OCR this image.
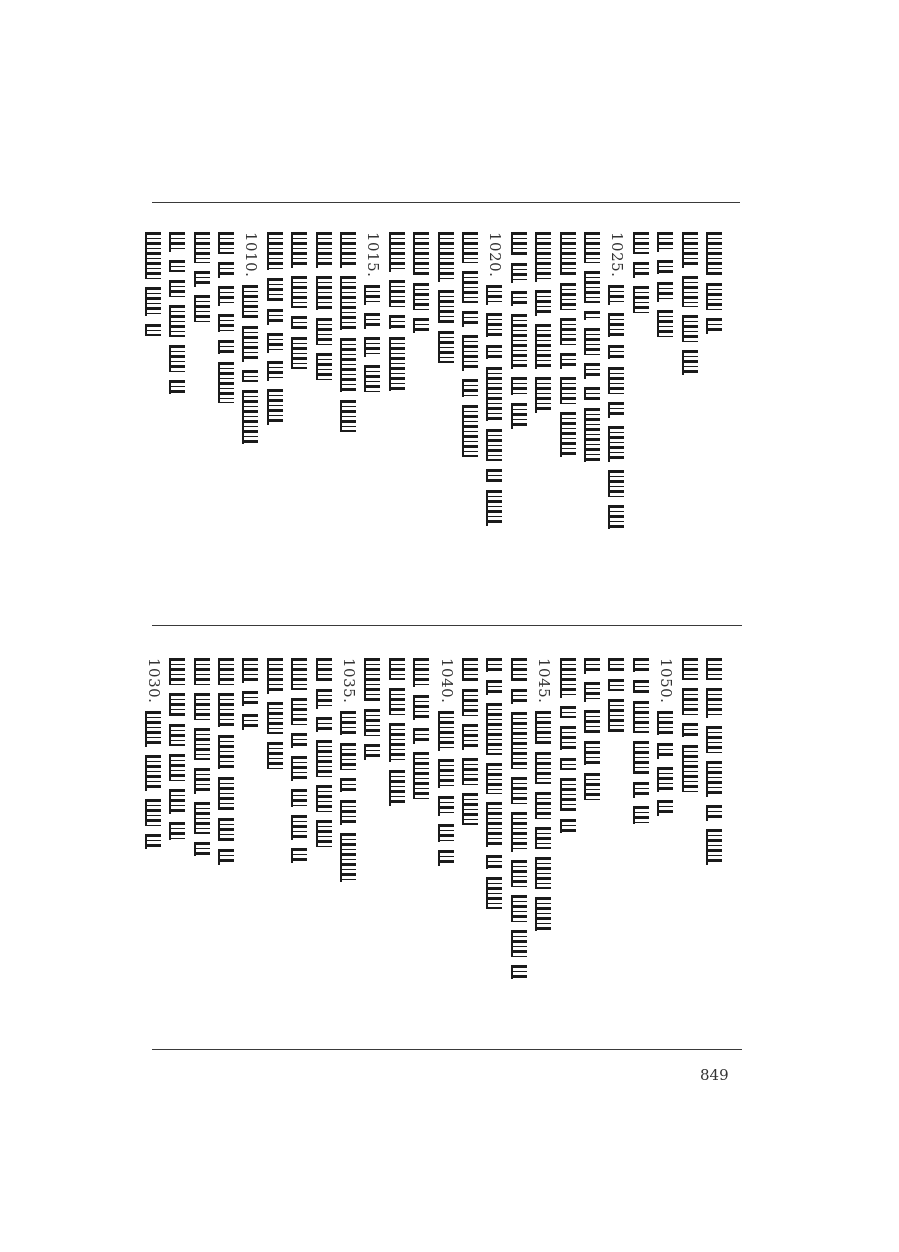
1025.
1020.
1015.
1010.
1050.
1045.
1040.
1035.
1030.
849
